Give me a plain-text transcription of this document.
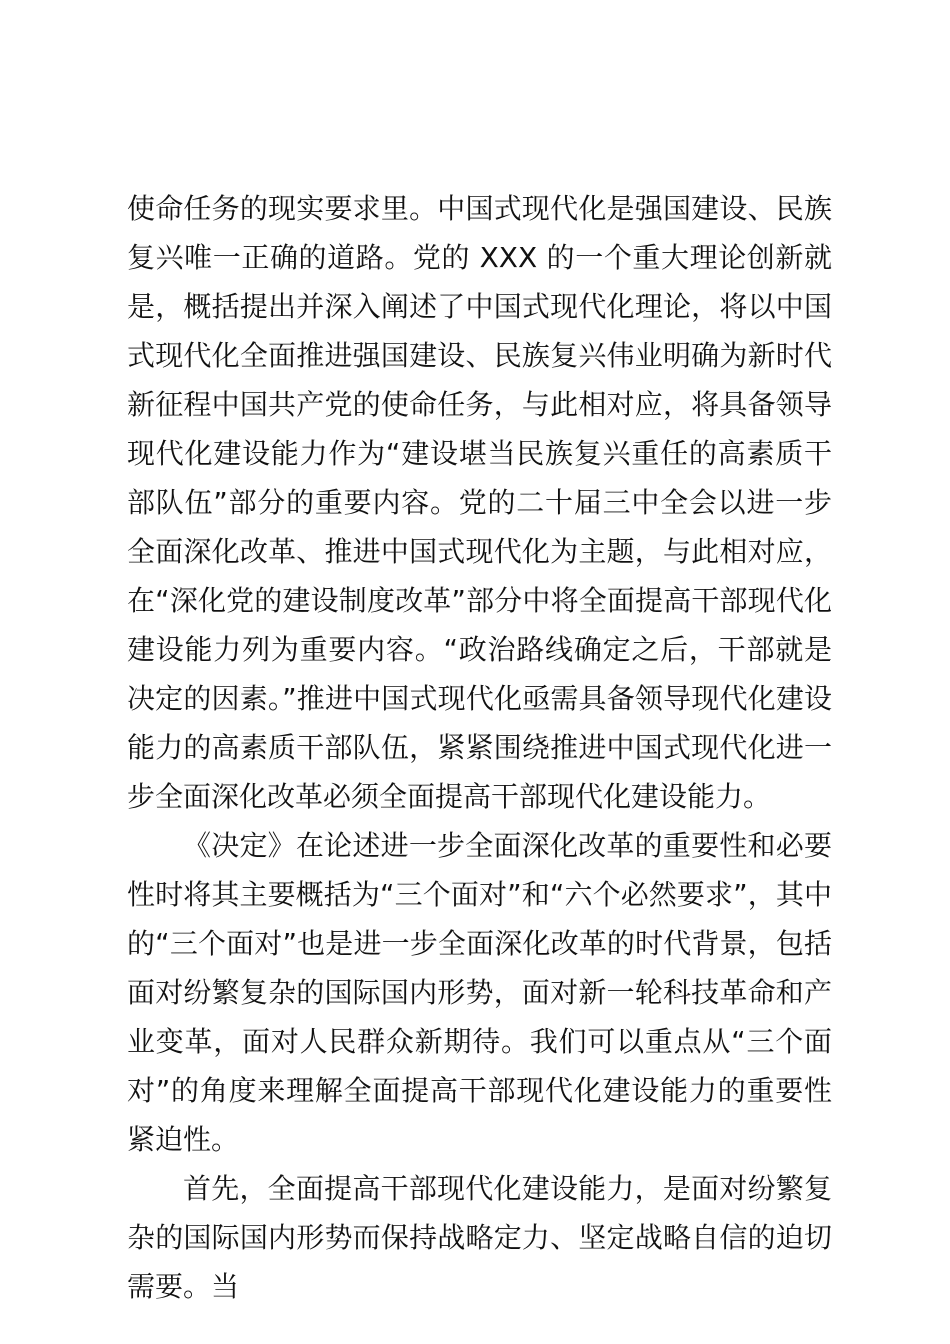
使命任务的现实要求里。中国式现代化是强国建设、民族复兴唯一正确的道路。党的 XXX 的一个重大理论创新就是，概括提出并深入阐述了中国式现代化理论，将以中国式现代化全面推进强国建设、民族复兴伟业明确为新时代新征程中国共产党的使命任务，与此相对应，将具备领导现代化建设能力作为“建设堪当民族复兴重任的高素质干部队伍”部分的重要内容。党的二十届三中全会以进一步全面深化改革、推进中国式现代化为主题，与此相对应，在“深化党的建设制度改革”部分中将全面提高干部现代化建设能力列为重要内容。“政治路线确定之后，干部就是决定的因素。”推进中国式现代化亟需具备领导现代化建设能力的高素质干部队伍，紧紧围绕推进中国式现代化进一步全面深化改革必须全面提高干部现代化建设能力。

《决定》在论述进一步全面深化改革的重要性和必要性时将其主要概括为“三个面对”和“六个必然要求”，其中的“三个面对”也是进一步全面深化改革的时代背景，包括面对纷繁复杂的国际国内形势，面对新一轮科技革命和产业变革，面对人民群众新期待。我们可以重点从“三个面对”的角度来理解全面提高干部现代化建设能力的重要性紧迫性。

首先，全面提高干部现代化建设能力，是面对纷繁复杂的国际国内形势而保持战略定力、坚定战略自信的迫切需要。当
